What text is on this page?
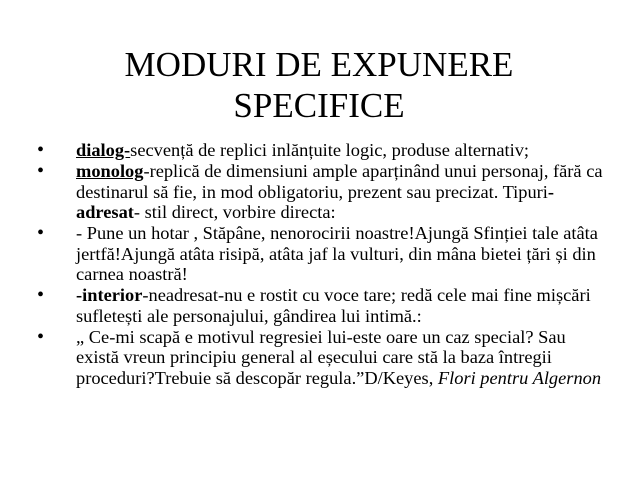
MODURI DE EXPUNERE
SPECIFICE
• dialog-secvență de replici inlănțuite logic, produse alternativ;
• monolog-replică de dimensiuni ample aparținând unui personaj, fără ca destinarul să fie, in mod obligatoriu, prezent sau precizat. Tipuri- adresat- stil direct, vorbire directa:
• - Pune un hotar , Stăpâne, nenorocirii noastre!Ajungă Sfinției tale atâta jertfă!Ajungă atâta risipă, atâta jaf la vulturi, din mâna bietei țări și din carnea noastră!
• -interior-neadresat-nu e rostit cu voce tare; redă cele mai fine mișcări sufletești ale personajului, gândirea lui intimă.:
• „ Ce-mi scapă e motivul regresiei lui-este oare un caz special? Sau există vreun principiu general al eșecului care stă la baza întregii proceduri?Trebuie să descopăr regula.”D/Keyes, Flori pentru Algernon
